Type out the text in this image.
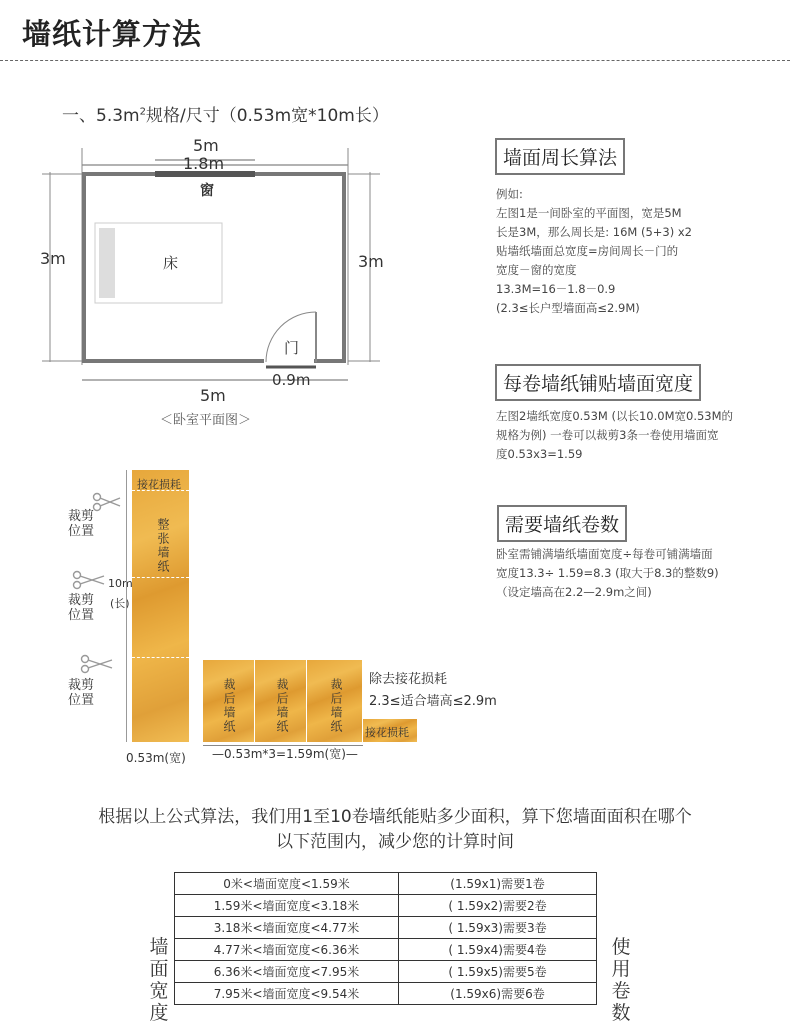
墙纸计算方法
一、$5.3m^2$规格/尺寸（0.53m宽*10m长）
5m
1.8m
窗
3m	3m
床
门
0.9m
5m
＜卧室平面图＞
墙面周长算法
例如:
左图1是一间卧室的平面图，宽是5M
长是3M，那么周长是: 16M (5+3) x2
贴墙纸墙面总宽度=房间周长－门的
宽度－窗的宽度
13.3M=16－1.8－0.9
(2.3≤长户型墙面高≤2.9M)
每卷墙纸铺贴墙面宽度
左图2墙纸宽度0.53M (以长10.0M宽0.53M的
规格为例) 一卷可以裁剪3条一卷使用墙面宽
度0.53x3=1.59
需要墙纸卷数
卧室需铺满墙纸墙面宽度÷每卷可铺满墙面
宽度13.3÷ 1.59=8.3 (取大于8.3的整数9)
（设定墙高在2.2—2.9m之间)
接花损耗
整张墙纸
10m
(长)
0.53m(宽)
裁剪位置
裁剪位置
裁剪位置	裁后墙纸	裁后墙纸	裁后墙纸 接花损耗
除去接花损耗
2.3≤适合墙高≤2.9m
—0.53m*3=1.59m(宽)—
根据以上公式算法，我们用1至10卷墙纸能贴多少面积，算下您墙面面积在哪个
以下范围内，减少您的计算时间
墙面宽度
使用卷数
0米<墙面宽度<1.59米	(1.59x1)需要1卷
1.59米<墙面宽度<3.18米	( 1.59x2)需要2卷
3.18米<墙面宽度<4.77米	( 1.59x3)需要3卷
4.77米<墙面宽度<6.36米	( 1.59x4)需要4卷
6.36米<墙面宽度<7.95米	( 1.59x5)需要5卷
7.95米<墙面宽度<9.54米	(1.59x6)需要6卷
